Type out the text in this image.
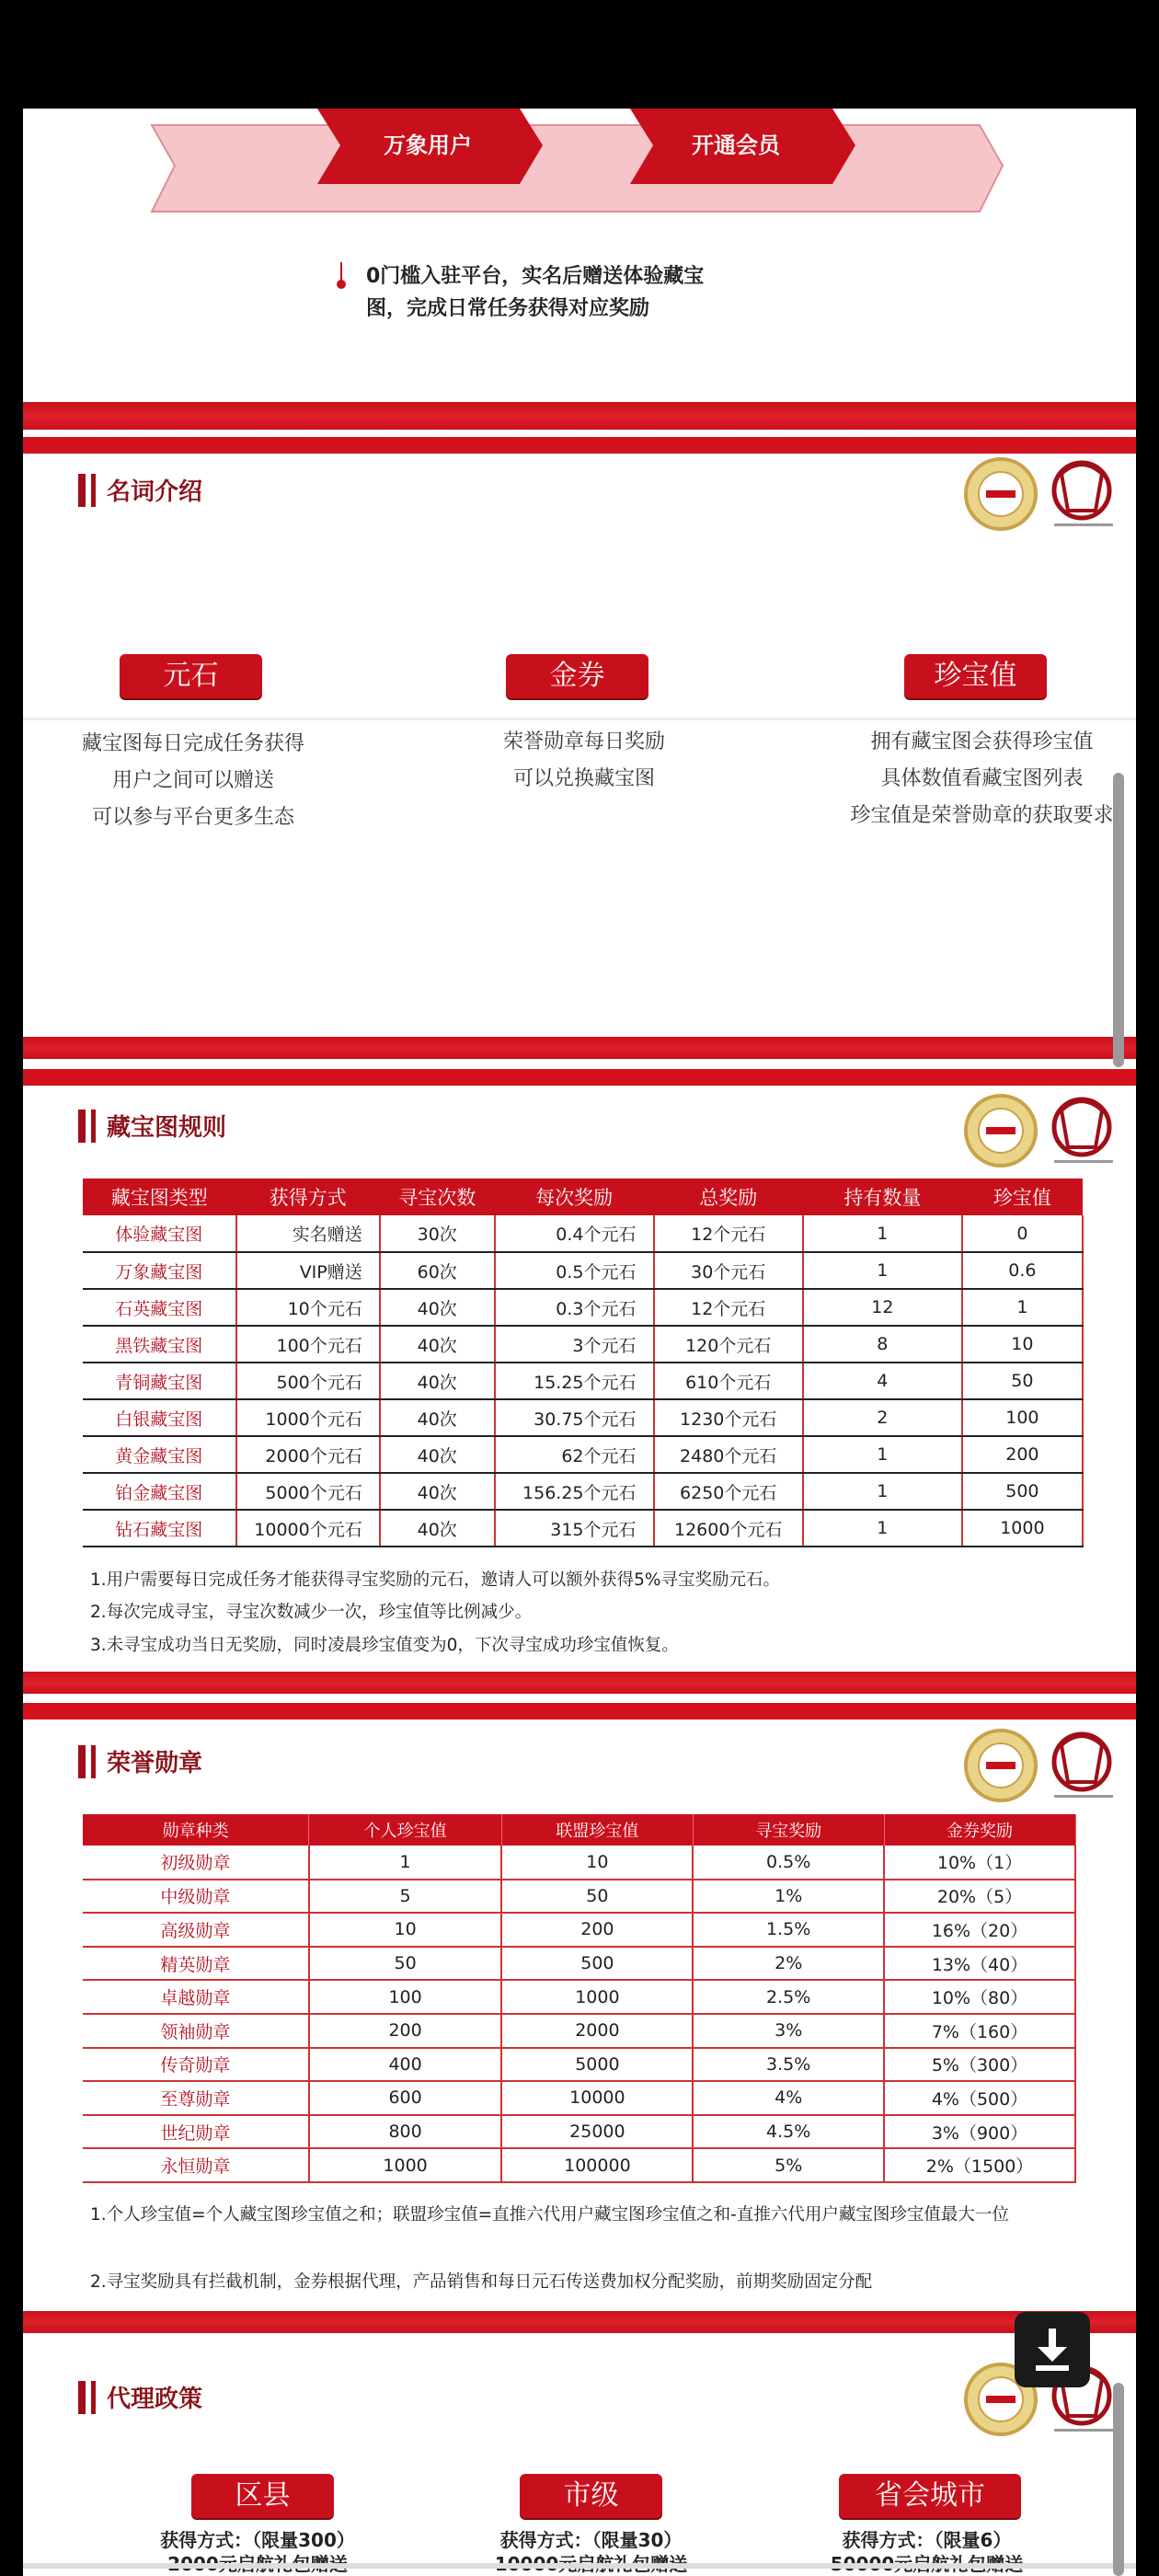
万象用户	开通会员
0门槛入驻平台，实名后赠送体验藏宝
图，完成日常任务获得对应奖励
名词介绍
元石	金券	珍宝值
藏宝图每日完成任务获得
用户之间可以赠送
可以参与平台更多生态
荣誉勋章每日奖励
可以兑换藏宝图
拥有藏宝图会获得珍宝值
具体数值看藏宝图列表
珍宝值是荣誉勋章的获取要求
藏宝图规则
藏宝图类型	获得方式	寻宝次数	每次奖励	总奖励	持有数量	珍宝值
体验藏宝图	实名赠送	30次	0.4个元石	12个元石	1	0
万象藏宝图	VIP赠送	60次	0.5个元石	30个元石	1	0.6
石英藏宝图	10个元石	40次	0.3个元石	12个元石	12	1
黑铁藏宝图	100个元石	40次	3个元石	120个元石	8	10
青铜藏宝图	500个元石	40次	15.25个元石	610个元石	4	50
白银藏宝图	1000个元石	40次	30.75个元石	1230个元石	2	100
黄金藏宝图	2000个元石	40次	62个元石	2480个元石	1	200
铂金藏宝图	5000个元石	40次	156.25个元石	6250个元石	1	500
钻石藏宝图	10000个元石	40次	315个元石	12600个元石	1	1000
1.用户需要每日完成任务才能获得寻宝奖励的元石，邀请人可以额外获得5%寻宝奖励元石。
2.每次完成寻宝，寻宝次数减少一次，珍宝值等比例减少。
3.未寻宝成功当日无奖励，同时凌晨珍宝值变为0，下次寻宝成功珍宝值恢复。
荣誉勋章
勋章种类	个人珍宝值	联盟珍宝值	寻宝奖励	金券奖励
初级勋章	1	10	0.5%	10%（1）
中级勋章	5	50	1%	20%（5）
高级勋章	10	200	1.5%	16%（20）
精英勋章	50	500	2%	13%（40）
卓越勋章	100	1000	2.5%	10%（80）
领袖勋章	200	2000	3%	7%（160）
传奇勋章	400	5000	3.5%	5%（300）
至尊勋章	600	10000	4%	4%（500）
世纪勋章	800	25000	4.5%	3%（900）
永恒勋章	1000	100000	5%	2%（1500）
1.个人珍宝值=个人藏宝图珍宝值之和；联盟珍宝值=直推六代用户藏宝图珍宝值之和-直推六代用户藏宝图珍宝值最大一位
2.寻宝奖励具有拦截机制，金券根据代理，产品销售和每日元石传送费加权分配奖励，前期奖励固定分配
代理政策
区县	市级	省会城市
获得方式：（限量300）	获得方式：（限量30）	获得方式：（限量6）
